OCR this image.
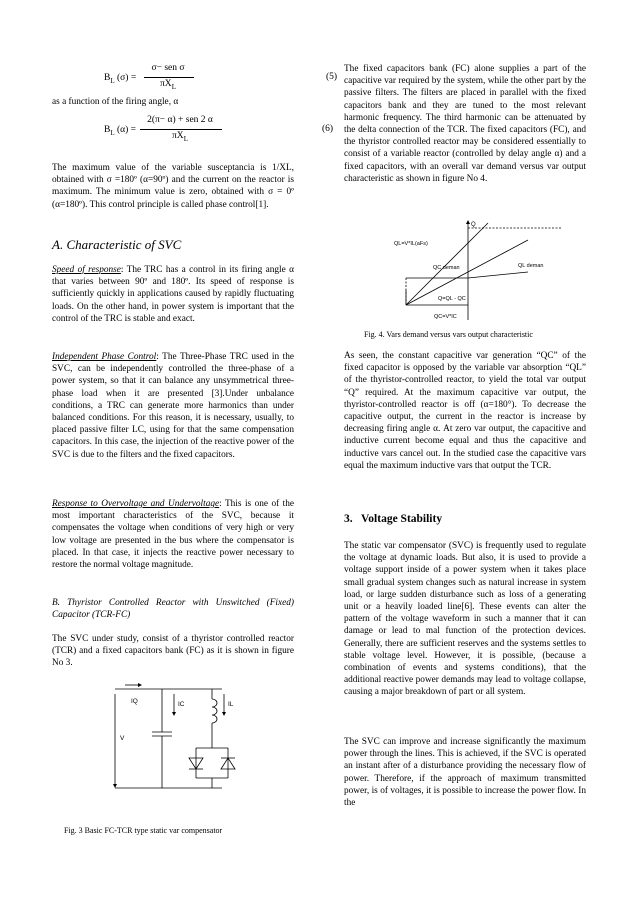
$B_L$ (σ) =
σ− sen σ
$\pi X_L$
(5)

as a function of the firing angle, α

$B_L$ (α) =
2(π− α) + sen 2 α
$\pi X_L$
(6)

The maximum value of the variable susceptancia is 1/XL, obtained with σ =180º (α=90º) and the current on the reactor is maximum. The minimum value is zero, obtained with σ = 0º (α=180º). This control principle is called phase control[1].

A. Characteristic of SVC

Speed of response: The TRC has a control in its firing angle α that varies between 90º and 180º. Its speed of response is sufficiently quickly in applications caused by rapidly fluctuating loads. On the other hand, in power system is important that the control of the TRC is stable and exact.

Independent Phase Control: The Three-Phase TRC used in the SVC, can be independently controlled the three-phase of a power system, so that it can balance any unsymmetrical three-phase load when it are presented [3].Under unbalance conditions, a TRC can generate more harmonics than under balanced conditions. For this reason, it is necessary, usually, to placed passive filter LC, using for that the same compensation capacitors. In this case, the injection of the reactive power of the SVC is due to the filters and the fixed capacitors.

Response to Overvoltage and Undervoltage: This is one of the most important characteristics of the SVC, because it compensates the voltage when conditions of very high or very low voltage are presented in the bus where the compensator is placed. In that case, it injects the reactive power necessary to restore the normal voltage magnitude.

B. Thyristor Controlled Reactor with Unswitched (Fixed) Capacitor (TCR-FC)

The SVC under study, consist of a thyristor controlled reactor (TCR) and a fixed capacitors bank (FC) as it is shown in figure No 3.

IQ	IC	IL
V
Fig. 3 Basic FC-TCR type static var compensator

The fixed capacitors bank (FC) alone supplies a part of the capacitive var required by the system, while the other part by the passive filters. The filters are placed in parallel with the fixed capacitors bank and they are tuned to the most relevant harmonic frequency. The third harmonic can be attenuated by the delta connection of the TCR. The fixed capacitors (FC), and the thyristor controlled reactor may be considered essentially to consist of a variable reactor (controlled by delay angle α) and a fixed capacitors, with an overall var demand versus var output characteristic as shown in figure No 4.

Q
QL=V*IL(aFs)
QC deman	QL deman
Q=QL - QC
QC=V*IC
Fig. 4. Vars demand versus vars output characteristic

As seen, the constant capacitive var generation “QC” of the fixed capacitor is opposed by the variable var absorption “QL” of the thyristor-controlled reactor, to yield the total var output “Q” required. At the maximum capacitive var output, the thyristor-controlled reactor is off (α=180°). To decrease the capacitive output, the current in the reactor is increase by decreasing firing angle α. At zero var output, the capacitive and inductive current become equal and thus the capacitive and inductive vars cancel out. In the studied case the capacitive vars equal the maximum inductive vars that output the TCR.

3.   Voltage Stability

The static var compensator (SVC) is frequently used to regulate the voltage at dynamic loads. But also, it is used to provide a voltage support inside of a power system when it takes place small gradual system changes such as natural increase in system load, or large sudden disturbance such as loss of a generating unit or a heavily loaded line[6]. These events can alter the pattern of the voltage waveform in such a manner that it can damage or lead to mal function of the protection devices. Generally, there are sufficient reserves and the systems settles to stable voltage level. However, it is possible, (because a combination of events and systems conditions), that the additional reactive power demands may lead to voltage collapse, causing a major breakdown of part or all system.

The SVC can improve and increase significantly the maximum power through the lines. This is achieved, if the SVC is operated an instant after of a disturbance providing the necessary flow of power. Therefore, if the approach of maximum transmitted power, is of voltages, it is possible to increase the power flow. In the
